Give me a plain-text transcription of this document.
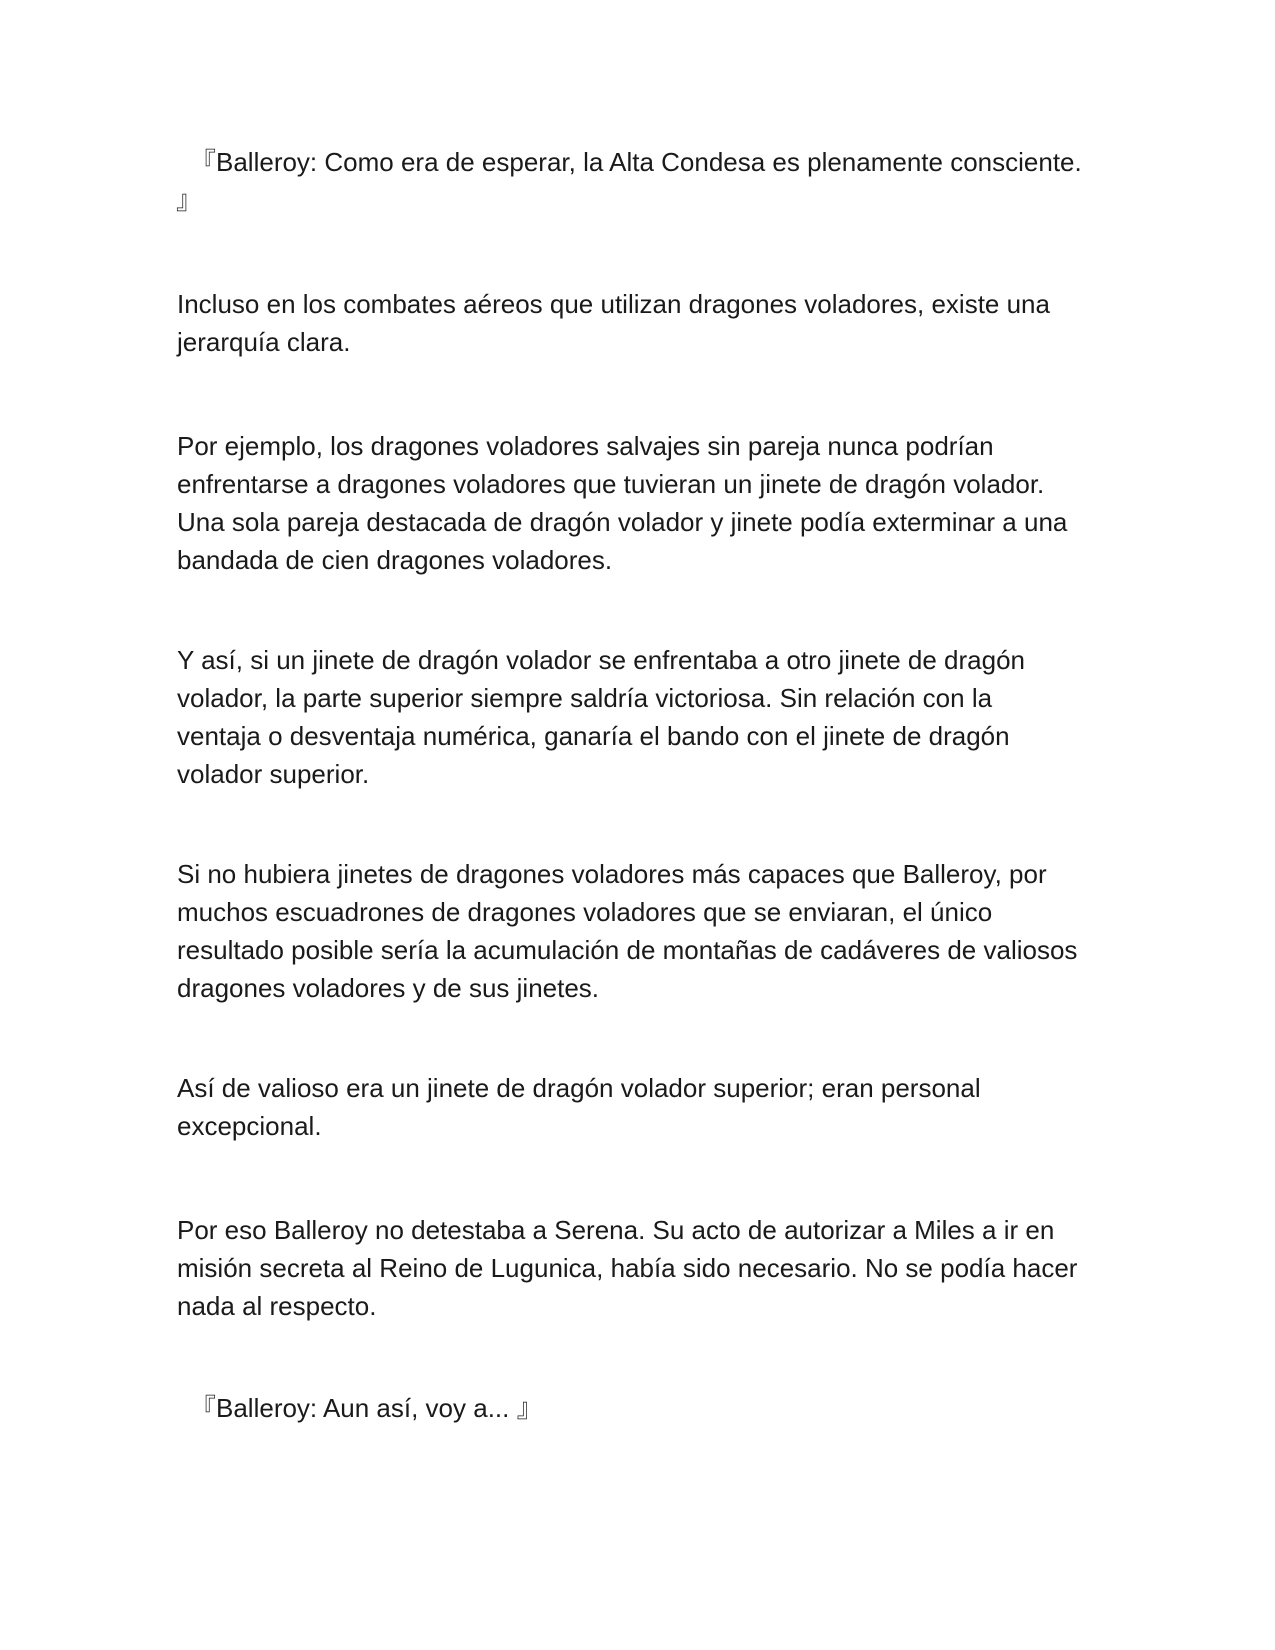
『Balleroy: Como era de esperar, la Alta Condesa es plenamente consciente.
』

Incluso en los combates aéreos que utilizan dragones voladores, existe una
jerarquía clara.

Por ejemplo, los dragones voladores salvajes sin pareja nunca podrían
enfrentarse a dragones voladores que tuvieran un jinete de dragón volador.
Una sola pareja destacada de dragón volador y jinete podía exterminar a una
bandada de cien dragones voladores.

Y así, si un jinete de dragón volador se enfrentaba a otro jinete de dragón
volador, la parte superior siempre saldría victoriosa. Sin relación con la
ventaja o desventaja numérica, ganaría el bando con el jinete de dragón
volador superior.

Si no hubiera jinetes de dragones voladores más capaces que Balleroy, por
muchos escuadrones de dragones voladores que se enviaran, el único
resultado posible sería la acumulación de montañas de cadáveres de valiosos
dragones voladores y de sus jinetes.

Así de valioso era un jinete de dragón volador superior; eran personal
excepcional.

Por eso Balleroy no detestaba a Serena. Su acto de autorizar a Miles a ir en
misión secreta al Reino de Lugunica, había sido necesario. No se podía hacer
nada al respecto.

『Balleroy: Aun así, voy a... 』
